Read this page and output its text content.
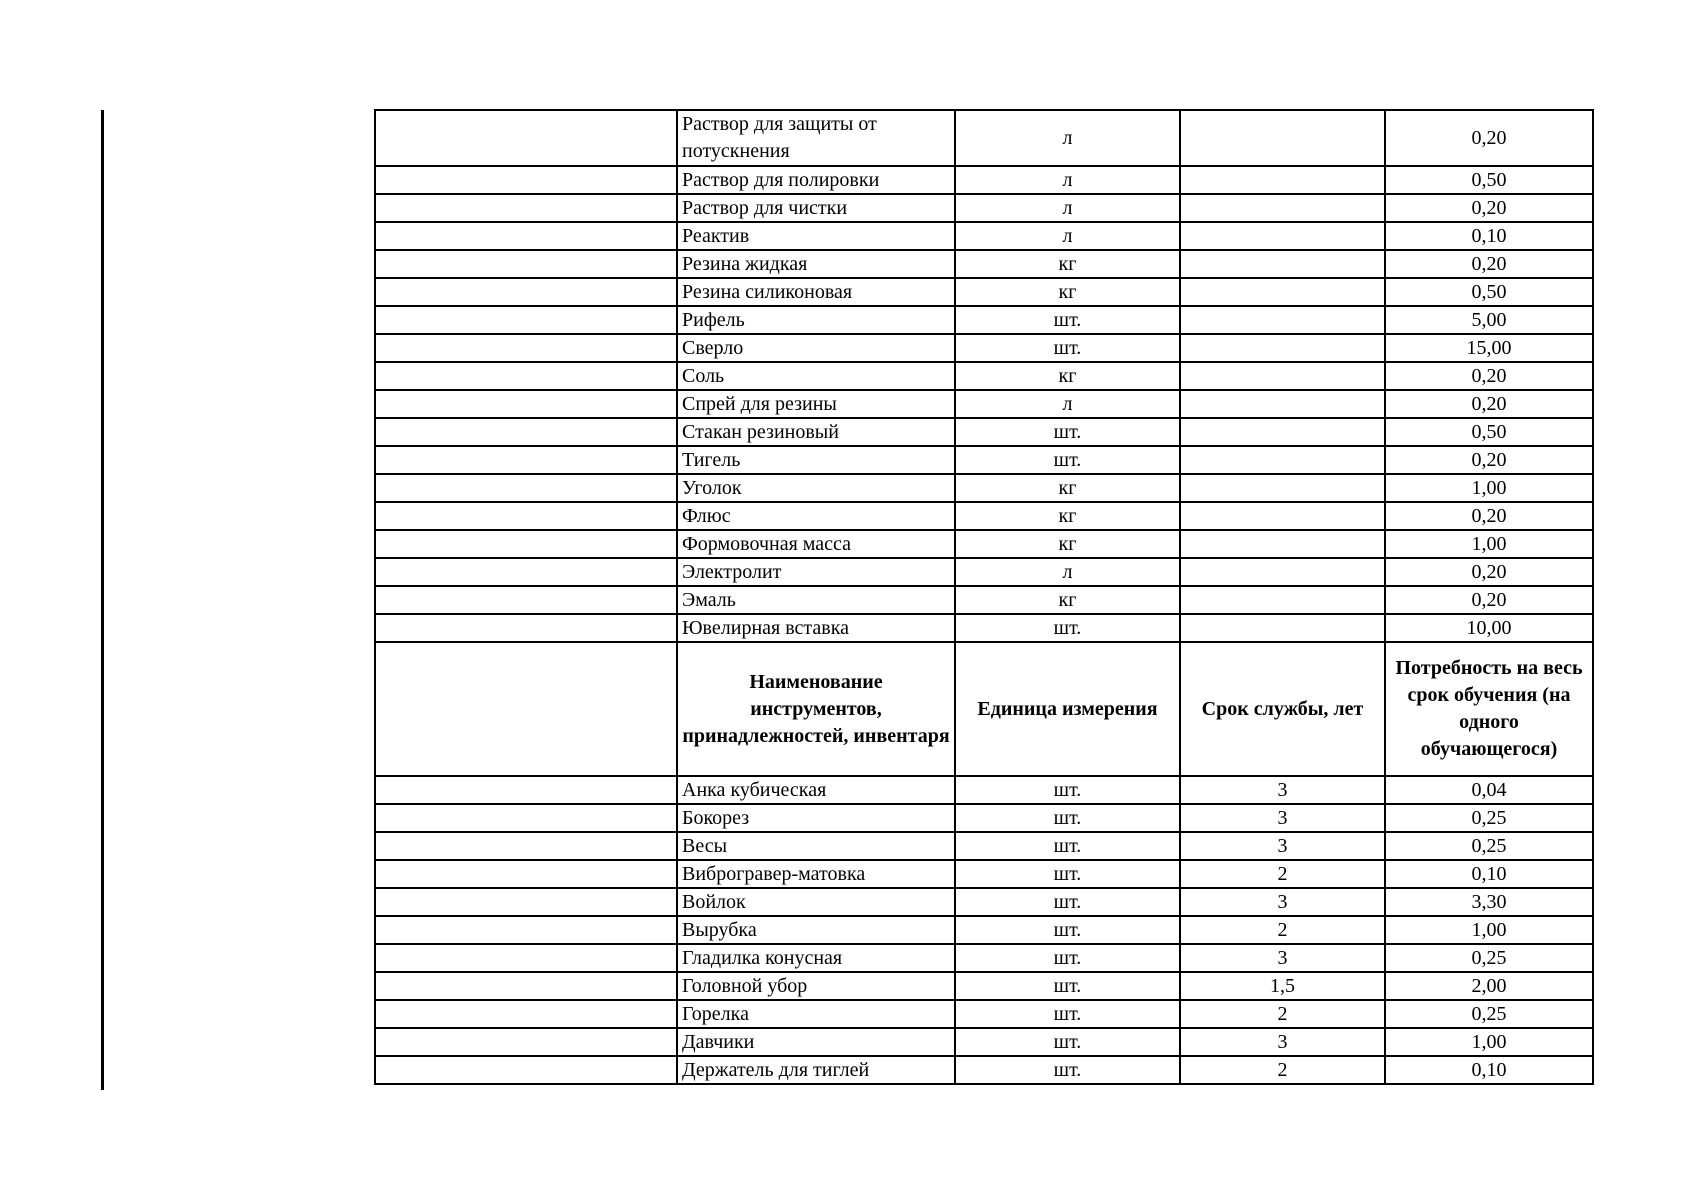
	Раствор для защиты от потускнения	л		0,20
	Раствор для полировки	л		0,50
	Раствор для чистки	л		0,20
	Реактив	л		0,10
	Резина жидкая	кг		0,20
	Резина силиконовая	кг		0,50
	Рифель	шт.		5,00
	Сверло	шт.		15,00
	Соль	кг		0,20
	Спрей для резины	л		0,20
	Стакан резиновый	шт.		0,50
	Тигель	шт.		0,20
	Уголок	кг		1,00
	Флюс	кг		0,20
	Формовочная масса	кг		1,00
	Электролит	л		0,20
	Эмаль	кг		0,20
	Ювелирная вставка	шт.		10,00
	Наименование инструментов, принадлежностей, инвентаря	Единица измерения	Срок службы, лет	Потребность на весь срок обучения (на одного обучающегося)
	Анка кубическая	шт.	3	0,04
	Бокорез	шт.	3	0,25
	Весы	шт.	3	0,25
	Виброгравер-матовка	шт.	2	0,10
	Войлок	шт.	3	3,30
	Вырубка	шт.	2	1,00
	Гладилка конусная	шт.	3	0,25
	Головной убор	шт.	1,5	2,00
	Горелка	шт.	2	0,25
	Давчики	шт.	3	1,00
	Держатель для тиглей	шт.	2	0,10
